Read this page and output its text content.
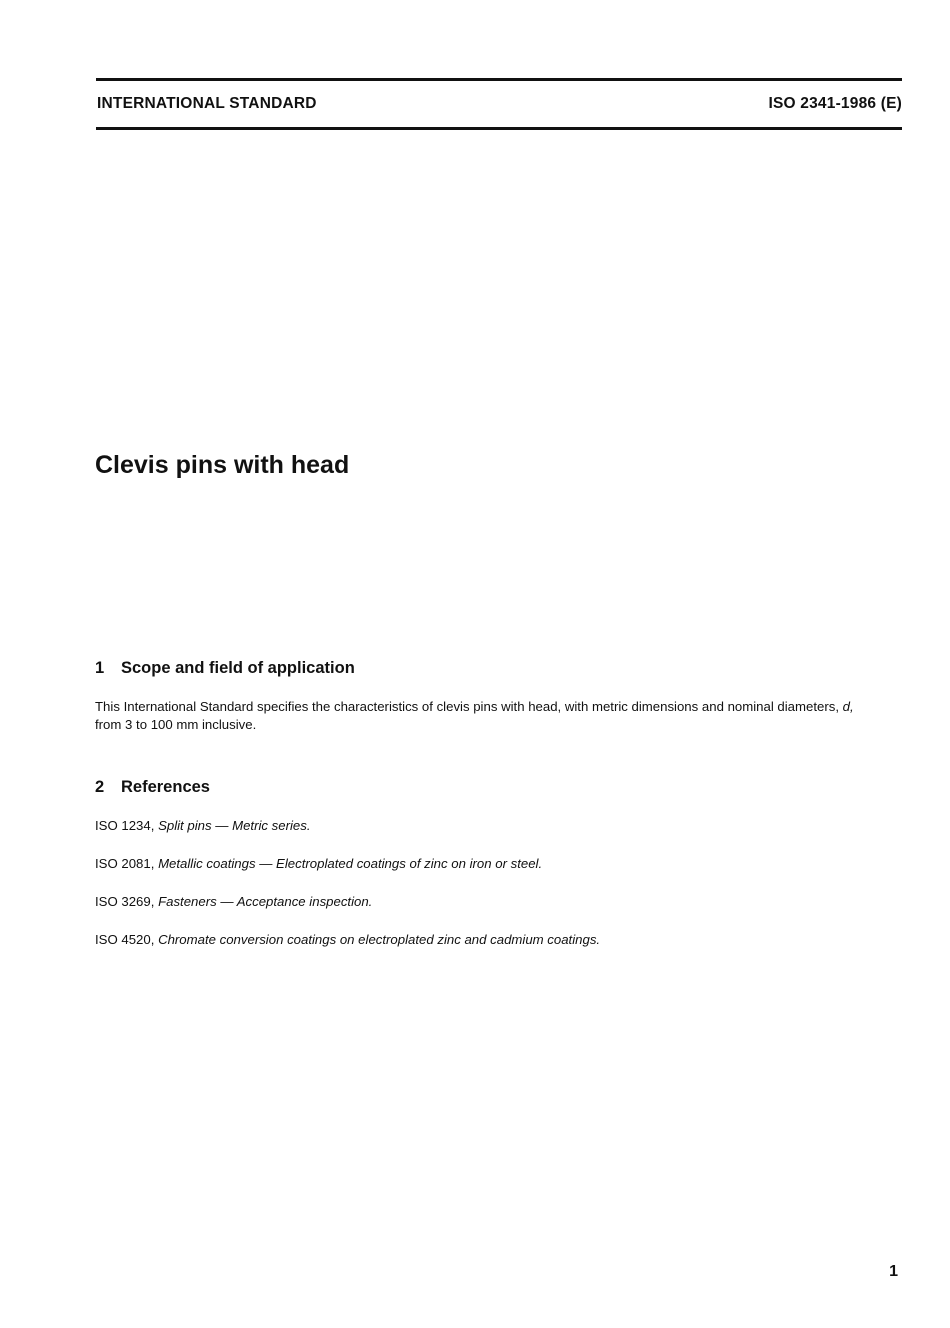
INTERNATIONAL STANDARD	ISO 2341-1986 (E)
Clevis pins with head
1 Scope and field of application

This International Standard specifies the characteristics of clevis pins with head, with metric dimensions and nominal diameters, d,
from 3 to 100 mm inclusive.

2 References

ISO 1234, Split pins — Metric series.

ISO 2081, Metallic coatings — Electroplated coatings of zinc on iron or steel.

ISO 3269, Fasteners — Acceptance inspection.

ISO 4520, Chromate conversion coatings on electroplated zinc and cadmium coatings.

1
